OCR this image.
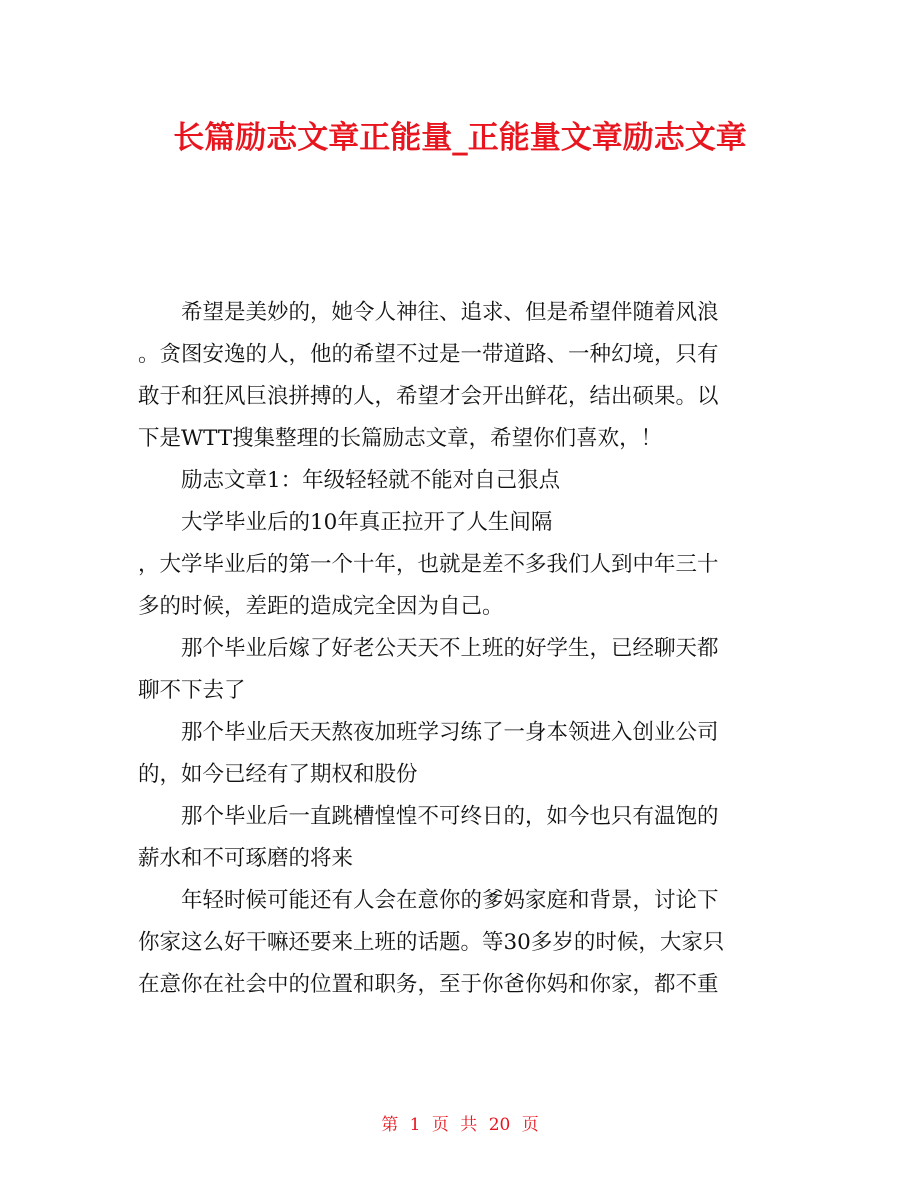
长篇励志文章正能量_正能量文章励志文章

希望是美妙的，她令人神往、追求、但是希望伴随着风浪
。贪图安逸的人，他的希望不过是一带道路、一种幻境，只有
敢于和狂风巨浪拼搏的人，希望才会开出鲜花，结出硕果。以
下是WTT搜集整理的长篇励志文章，希望你们喜欢，！

励志文章1：年级轻轻就不能对自己狠点

大学毕业后的10年真正拉开了人生间隔

，大学毕业后的第一个十年，也就是差不多我们人到中年三十
多的时候，差距的造成完全因为自己。

那个毕业后嫁了好老公天天不上班的好学生，已经聊天都
聊不下去了

那个毕业后天天熬夜加班学习练了一身本领进入创业公司
的，如今已经有了期权和股份

那个毕业后一直跳槽惶惶不可终日的，如今也只有温饱的
薪水和不可琢磨的将来

年轻时候可能还有人会在意你的爹妈家庭和背景，讨论下
你家这么好干嘛还要来上班的话题。等30多岁的时候，大家只
在意你在社会中的位置和职务，至于你爸你妈和你家，都不重

第 1 页 共 20 页
